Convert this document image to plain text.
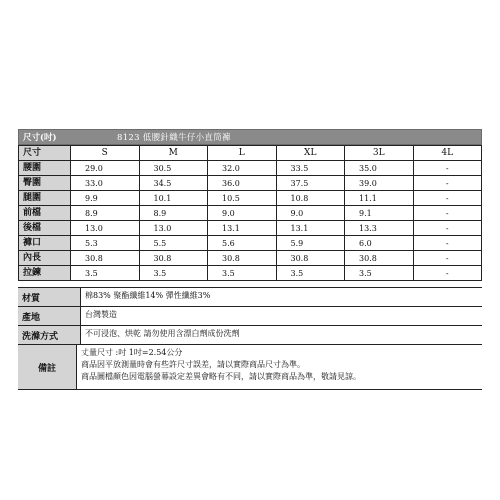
尺寸(吋)	8123 低腰針織牛仔小直筒褲
尺寸	S	M	L	XL	3L	4L
腰圍	29.0	30.5	32.0	33.5	35.0	-
臀圍	33.0	34.5	36.0	37.5	39.0	-
腿圍	9.9	10.1	10.5	10.8	11.1	-
前檔	8.9	8.9	9.0	9.0	9.1	-
後檔	13.0	13.0	13.1	13.1	13.3	-
褲口	5.3	5.5	5.6	5.9	6.0	-
內長	30.8	30.8	30.8	30.8	30.8	-
拉鍊	3.5	3.5	3.5	3.5	3.5	-
材質	棉83% 聚酯纖維14% 彈性纖維3%
產地	台灣製造
洗滌方式	不可浸泡、烘乾 請勿使用含漂白劑成份洗劑
備註
丈量尺寸 :吋 1吋=2.54公分
商品因平放測量時會有些許尺寸誤差，請以實際商品尺寸為準。
商品圖檔顏色因電腦螢幕設定差異會略有不同，請以實際商品為準，敬請見諒。
